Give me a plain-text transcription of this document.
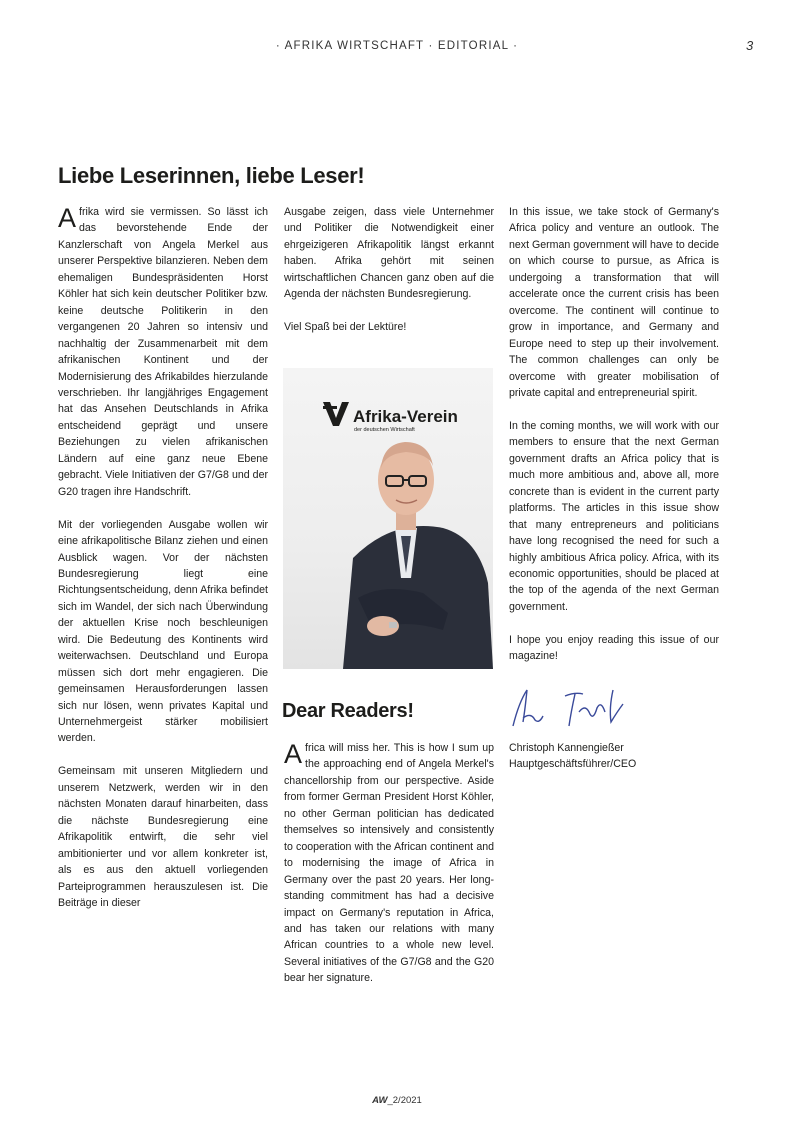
· AFRIKA WIRTSCHAFT · EDITORIAL ·	3
Liebe Leserinnen, liebe Leser!

Afrika wird sie vermissen. So lässt ich das bevorstehende Ende der Kanzlerschaft von Angela Merkel aus unserer Perspektive bilanzieren. Neben dem ehemaligen Bundespräsidenten Horst Köhler hat sich kein deutscher Politiker bzw. keine deutsche Politikerin in den vergangenen 20 Jahren so intensiv und nachhaltig der Zusammenarbeit mit dem afrikanischen Kontinent und der Modernisierung des Afrikabildes hierzulande verschrieben. Ihr langjähriges Engagement hat das Ansehen Deutschlands in Afrika entscheidend geprägt und unsere Beziehungen zu vielen afrikanischen Ländern auf eine ganz neue Ebene gebracht. Viele Initiativen der G7/G8 und der G20 tragen ihre Handschrift.

Mit der vorliegenden Ausgabe wollen wir eine afrikapolitische Bilanz ziehen und einen Ausblick wagen. Vor der nächsten Bundesregierung liegt eine Richtungsentscheidung, denn Afrika befindet sich im Wandel, der sich nach Überwindung der aktuellen Krise noch beschleunigen wird. Die Bedeutung des Kontinents wird weiterwachsen. Deutschland und Europa müssen sich dort mehr engagieren. Die gemeinsamen Herausforderungen lassen sich nur lösen, wenn privates Kapital und Unternehmergeist stärker mobilisiert werden.

Gemeinsam mit unseren Mitgliedern und unserem Netzwerk, werden wir in den nächsten Monaten darauf hinarbeiten, dass die nächste Bundesregierung eine Afrikapolitik entwirft, die sehr viel ambitionierter und vor allem konkreter ist, als es aus den aktuell vorliegenden Parteiprogrammen herauszulesen ist. Die Beiträge in dieser

Ausgabe zeigen, dass viele Unternehmer und Politiker die Notwendigkeit einer ehrgeizigeren Afrikapolitik längst erkannt haben. Afrika gehört mit seinen wirtschaftlichen Chancen ganz oben auf die Agenda der nächsten Bundesregierung.

Viel Spaß bei der Lektüre!

Afrika-Verein
der deutschen Wirtschaft
Dear Readers!

Africa will miss her. This is how I sum up the approaching end of Angela Merkel's chancellorship from our perspective. Aside from former German President Horst Köhler, no other German politician has dedicated themselves so intensively and consistently to cooperation with the African continent and to modernising the image of Africa in Germany over the past 20 years. Her long-standing commitment has had a decisive impact on Germany's reputation in Africa, and has taken our relations with many African countries to a whole new level. Several initiatives of the G7/G8 and the G20 bear her signature.

In this issue, we take stock of Germany's Africa policy and venture an outlook. The next German government will have to decide on which course to pursue, as Africa is undergoing a transformation that will accelerate once the current crisis has been overcome. The continent will continue to grow in importance, and Germany and Europe need to step up their involvement. The common challenges can only be overcome with greater mobilisation of private capital and entrepreneurial spirit.

In the coming months, we will work with our members to ensure that the next German government drafts an Africa policy that is much more ambitious and, above all, more concrete than is evident in the current party platforms. The articles in this issue show that many entrepreneurs and politicians have long recognised the need for such a highly ambitious Africa policy. Africa, with its economic opportunities, should be placed at the top of the agenda of the next German government.

I hope you enjoy reading this issue of our magazine!

Christoph Kannengießer
Hauptgeschäftsführer/CEO
AW_2/2021
